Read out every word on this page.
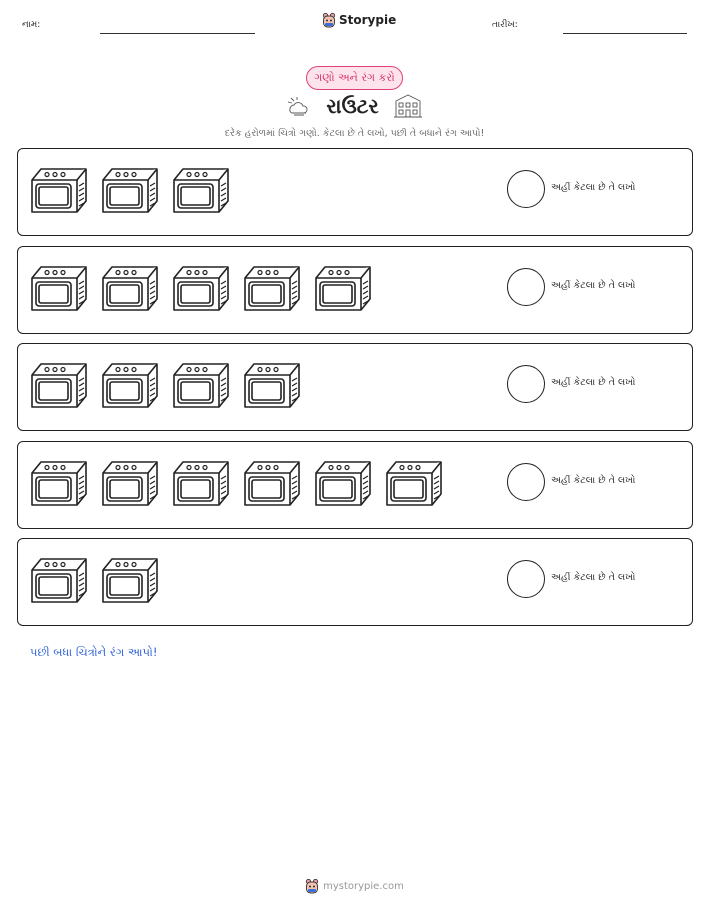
નામ:	Storypie	તારીખ:
ગણો અને રંગ કરો
રાઉટર
દરેક હરોળમાં ચિત્રો ગણો. કેટલા છે તે લખો, પછી તે બધાને રંગ આપો!
અહીં કેટલા છે તે લખો
અહીં કેટલા છે તે લખો
અહીં કેટલા છે તે લખો
અહીં કેટલા છે તે લખો
અહીં કેટલા છે તે લખો
પછી બધા ચિત્રોને રંગ આપો!
mystorypie.com
